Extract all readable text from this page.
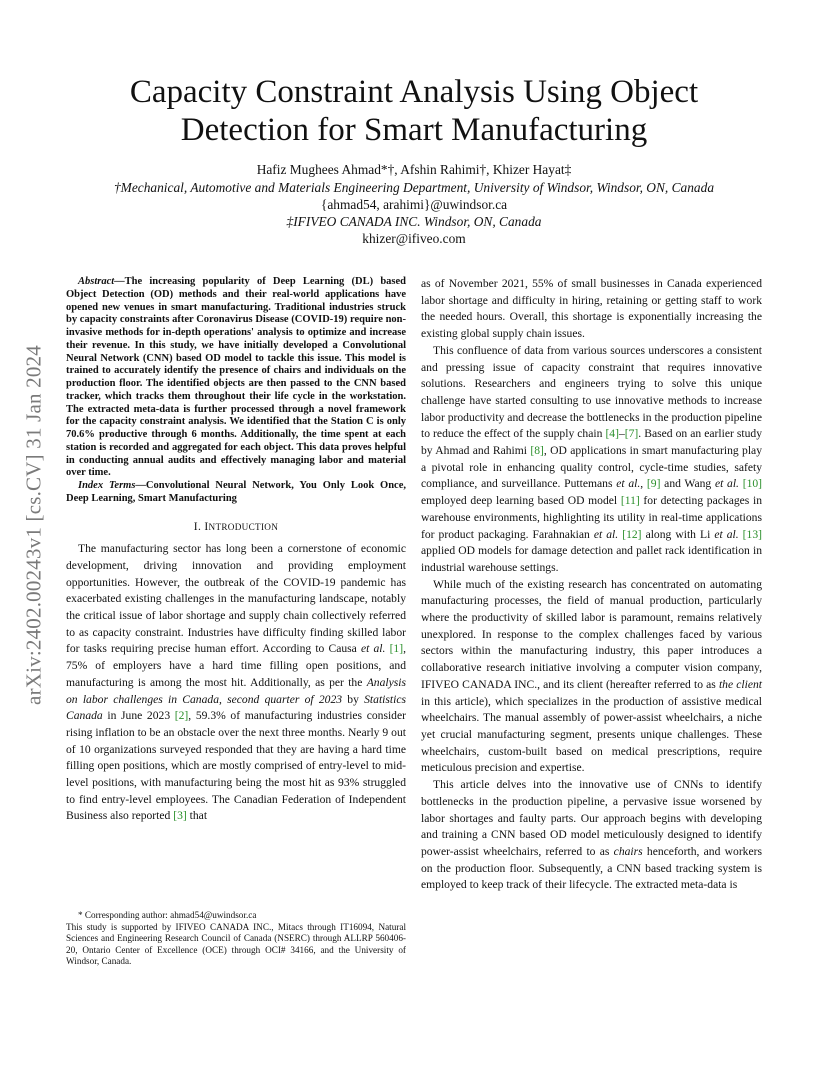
arXiv:2402.00243v1 [cs.CV] 31 Jan 2024
Capacity Constraint Analysis Using Object
Detection for Smart Manufacturing
Hafiz Mughees Ahmad*†, Afshin Rahimi†, Khizer Hayat‡
†Mechanical, Automotive and Materials Engineering Department, University of Windsor, Windsor, ON, Canada
{ahmad54, arahimi}@uwindsor.ca
‡IFIVEO CANADA INC. Windsor, ON, Canada
khizer@ifiveo.com

Abstract—The increasing popularity of Deep Learning (DL) based Object Detection (OD) methods and their real-world applications have opened new venues in smart manufacturing. Traditional industries struck by capacity constraints after Coronavirus Disease (COVID-19) require non-invasive methods for in-depth operations' analysis to optimize and increase their revenue. In this study, we have initially developed a Convolutional Neural Network (CNN) based OD model to tackle this issue. This model is trained to accurately identify the presence of chairs and individuals on the production floor. The identified objects are then passed to the CNN based tracker, which tracks them throughout their life cycle in the workstation. The extracted meta-data is further processed through a novel framework for the capacity constraint analysis. We identified that the Station C is only 70.6% productive through 6 months. Additionally, the time spent at each station is recorded and aggregated for each object. This data proves helpful in conducting annual audits and effectively managing labor and material over time.

Index Terms—Convolutional Neural Network, You Only Look Once, Deep Learning, Smart Manufacturing

I. INTRODUCTION

The manufacturing sector has long been a cornerstone of economic development, driving innovation and providing employment opportunities. However, the outbreak of the COVID-19 pandemic has exacerbated existing challenges in the manufacturing landscape, notably the critical issue of labor shortage and supply chain collectively referred to as capacity constraint. Industries have difficulty finding skilled labor for tasks requiring precise human effort. According to Causa et al. [1], 75% of employers have a hard time filling open positions, and manufacturing is among the most hit. Additionally, as per the Analysis on labor challenges in Canada, second quarter of 2023 by Statistics Canada in June 2023 [2], 59.3% of manufacturing industries consider rising inflation to be an obstacle over the next three months. Nearly 9 out of 10 organizations surveyed responded that they are having a hard time filling open positions, which are mostly comprised of entry-level to mid-level positions, with manufacturing being the most hit as 93% struggled to find entry-level employees. The Canadian Federation of Independent Business also reported [3] that

* Corresponding author: ahmad54@uwindsor.ca
This study is supported by IFIVEO CANADA INC., Mitacs through IT16094, Natural Sciences and Engineering Research Council of Canada (NSERC) through ALLRP 560406-20, Ontario Center of Excellence (OCE) through OCI# 34166, and the University of Windsor, Canada.

as of November 2021, 55% of small businesses in Canada experienced labor shortage and difficulty in hiring, retaining or getting staff to work the needed hours. Overall, this shortage is exponentially increasing the existing global supply chain issues.

This confluence of data from various sources underscores a consistent and pressing issue of capacity constraint that requires innovative solutions. Researchers and engineers trying to solve this unique challenge have started consulting to use innovative methods to increase labor productivity and decrease the bottlenecks in the production pipeline to reduce the effect of the supply chain [4]–[7]. Based on an earlier study by Ahmad and Rahimi [8], OD applications in smart manufacturing play a pivotal role in enhancing quality control, cycle-time studies, safety compliance, and surveillance. Puttemans et al., [9] and Wang et al. [10] employed deep learning based OD model [11] for detecting packages in warehouse environments, highlighting its utility in real-time applications for product packaging. Farahnakian et al. [12] along with Li et al. [13] applied OD models for damage detection and pallet rack identification in industrial warehouse settings.

While much of the existing research has concentrated on automating manufacturing processes, the field of manual production, particularly where the productivity of skilled labor is paramount, remains relatively unexplored. In response to the complex challenges faced by various sectors within the manufacturing industry, this paper introduces a collaborative research initiative involving a computer vision company, IFIVEO CANADA INC., and its client (hereafter referred to as the client in this article), which specializes in the production of assistive medical wheelchairs. The manual assembly of power-assist wheelchairs, a niche yet crucial manufacturing segment, presents unique challenges. These wheelchairs, custom-built based on medical prescriptions, require meticulous precision and expertise.

This article delves into the innovative use of CNNs to identify bottlenecks in the production pipeline, a pervasive issue worsened by labor shortages and faulty parts. Our approach begins with developing and training a CNN based OD model meticulously designed to identify power-assist wheelchairs, referred to as chairs henceforth, and workers on the production floor. Subsequently, a CNN based tracking system is employed to keep track of their lifecycle. The extracted meta-data is
